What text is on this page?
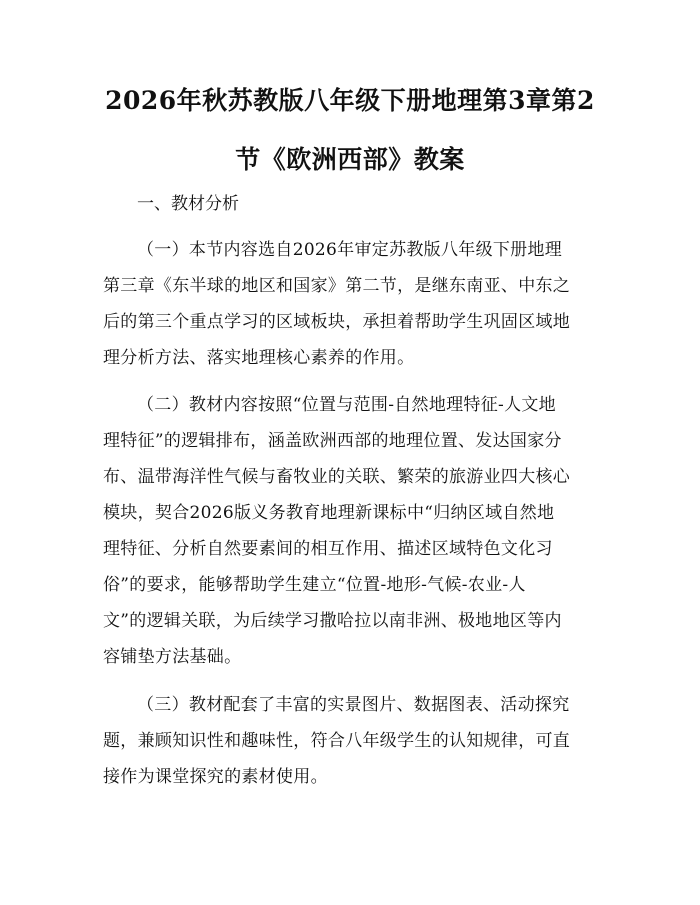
2026年秋苏教版八年级下册地理第3章第2
节《欧洲西部》教案
一、教材分析
（一）本节内容选自2026年审定苏教版八年级下册地理
第三章《东半球的地区和国家》第二节，是继东南亚、中东之
后的第三个重点学习的区域板块，承担着帮助学生巩固区域地
理分析方法、落实地理核心素养的作用。
（二）教材内容按照“位置与范围-自然地理特征-人文地
理特征”的逻辑排布，涵盖欧洲西部的地理位置、发达国家分
布、温带海洋性气候与畜牧业的关联、繁荣的旅游业四大核心
模块，契合2026版义务教育地理新课标中“归纳区域自然地
理特征、分析自然要素间的相互作用、描述区域特色文化习
俗”的要求，能够帮助学生建立“位置-地形-气候-农业-人
文”的逻辑关联，为后续学习撒哈拉以南非洲、极地地区等内
容铺垫方法基础。
（三）教材配套了丰富的实景图片、数据图表、活动探究
题，兼顾知识性和趣味性，符合八年级学生的认知规律，可直
接作为课堂探究的素材使用。
